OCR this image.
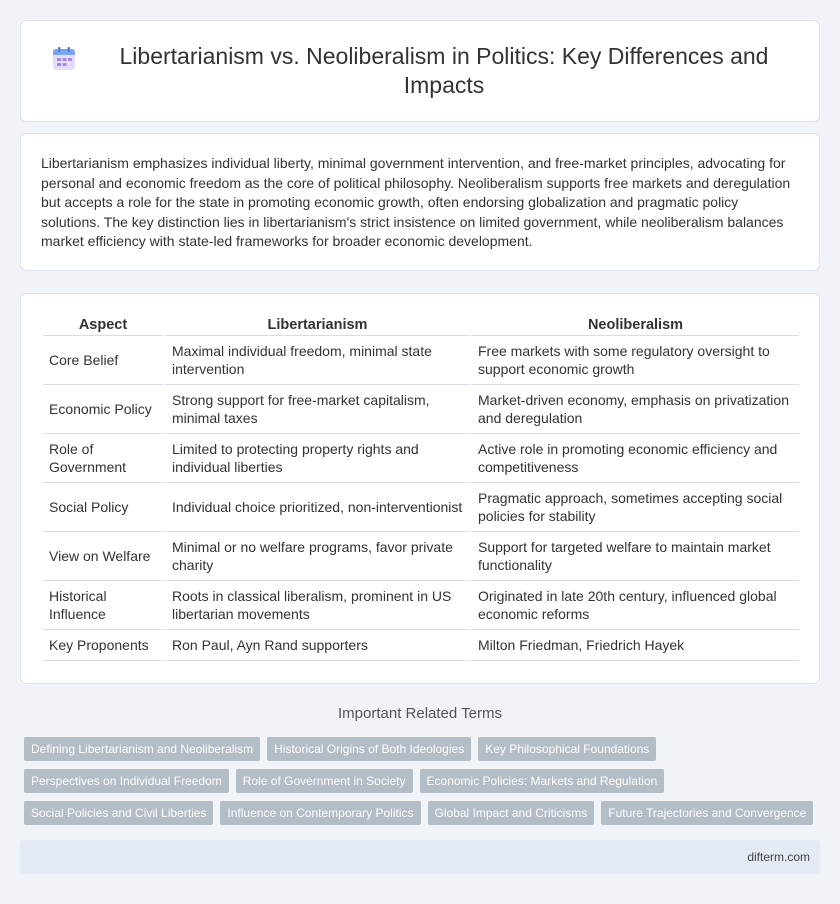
Libertarianism vs. Neoliberalism in Politics: Key Differences and Impacts

Libertarianism emphasizes individual liberty, minimal government intervention, and free-market principles, advocating for personal and economic freedom as the core of political philosophy. Neoliberalism supports free markets and deregulation but accepts a role for the state in promoting economic growth, often endorsing globalization and pragmatic policy solutions. The key distinction lies in libertarianism's strict insistence on limited government, while neoliberalism balances market efficiency with state-led frameworks for broader economic development.

Aspect	Libertarianism	Neoliberalism
Core Belief	Maximal individual freedom, minimal state intervention	Free markets with some regulatory oversight to support economic growth
Economic Policy	Strong support for free-market capitalism, minimal taxes	Market-driven economy, emphasis on privatization and deregulation
Role of Government	Limited to protecting property rights and individual liberties	Active role in promoting economic efficiency and competitiveness
Social Policy	Individual choice prioritized, non-interventionist	Pragmatic approach, sometimes accepting social policies for stability
View on Welfare	Minimal or no welfare programs, favor private charity	Support for targeted welfare to maintain market functionality
Historical Influence	Roots in classical liberalism, prominent in US libertarian movements	Originated in late 20th century, influenced global economic reforms
Key Proponents	Ron Paul, Ayn Rand supporters	Milton Friedman, Friedrich Hayek
Important Related Terms
Defining Libertarianism and Neoliberalism	Historical Origins of Both Ideologies	Key Philosophical Foundations
Perspectives on Individual Freedom	Role of Government in Society	Economic Policies: Markets and Regulation
Social Policies and Civil Liberties	Influence on Contemporary Politics	Global Impact and Criticisms	Future Trajectories and Convergence
difterm.com
